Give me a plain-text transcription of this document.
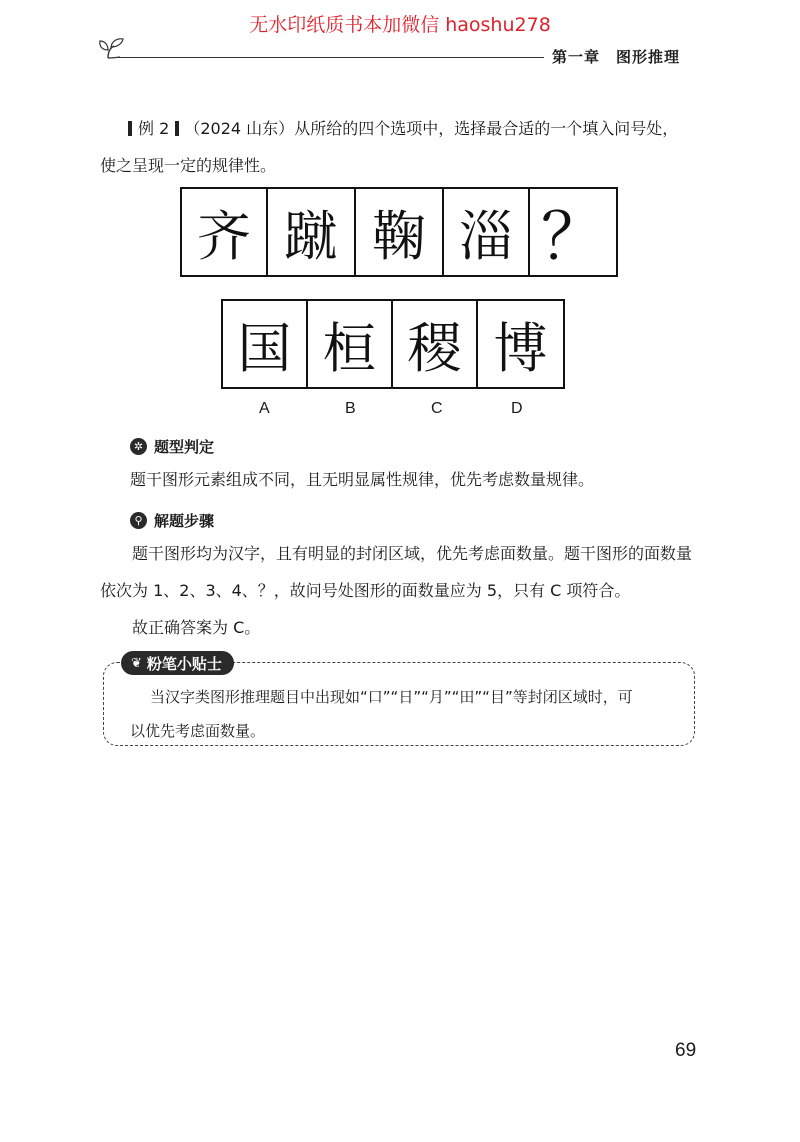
无水印纸质书本加微信 haoshu278
第一章 图形推理
例 2 （2024 山东）从所给的四个选项中，选择最合适的一个填入问号处，
使之呈现一定的规律性。
齐 蹴 鞠 淄 ？
国 桓 稷 博
A	B	C	D
✲ 题型判定
题干图形元素组成不同，且无明显属性规律，优先考虑数量规律。
⚲ 解题步骤
题干图形均为汉字，且有明显的封闭区域，优先考虑面数量。题干图形的面数量
依次为 1、2、3、4、？，故问号处图形的面数量应为 5，只有 C 项符合。
故正确答案为 C。
❦ 粉笔小贴士
当汉字类图形推理题目中出现如“口”“日”“月”“田”“目”等封闭区域时，可
以优先考虑面数量。
69
